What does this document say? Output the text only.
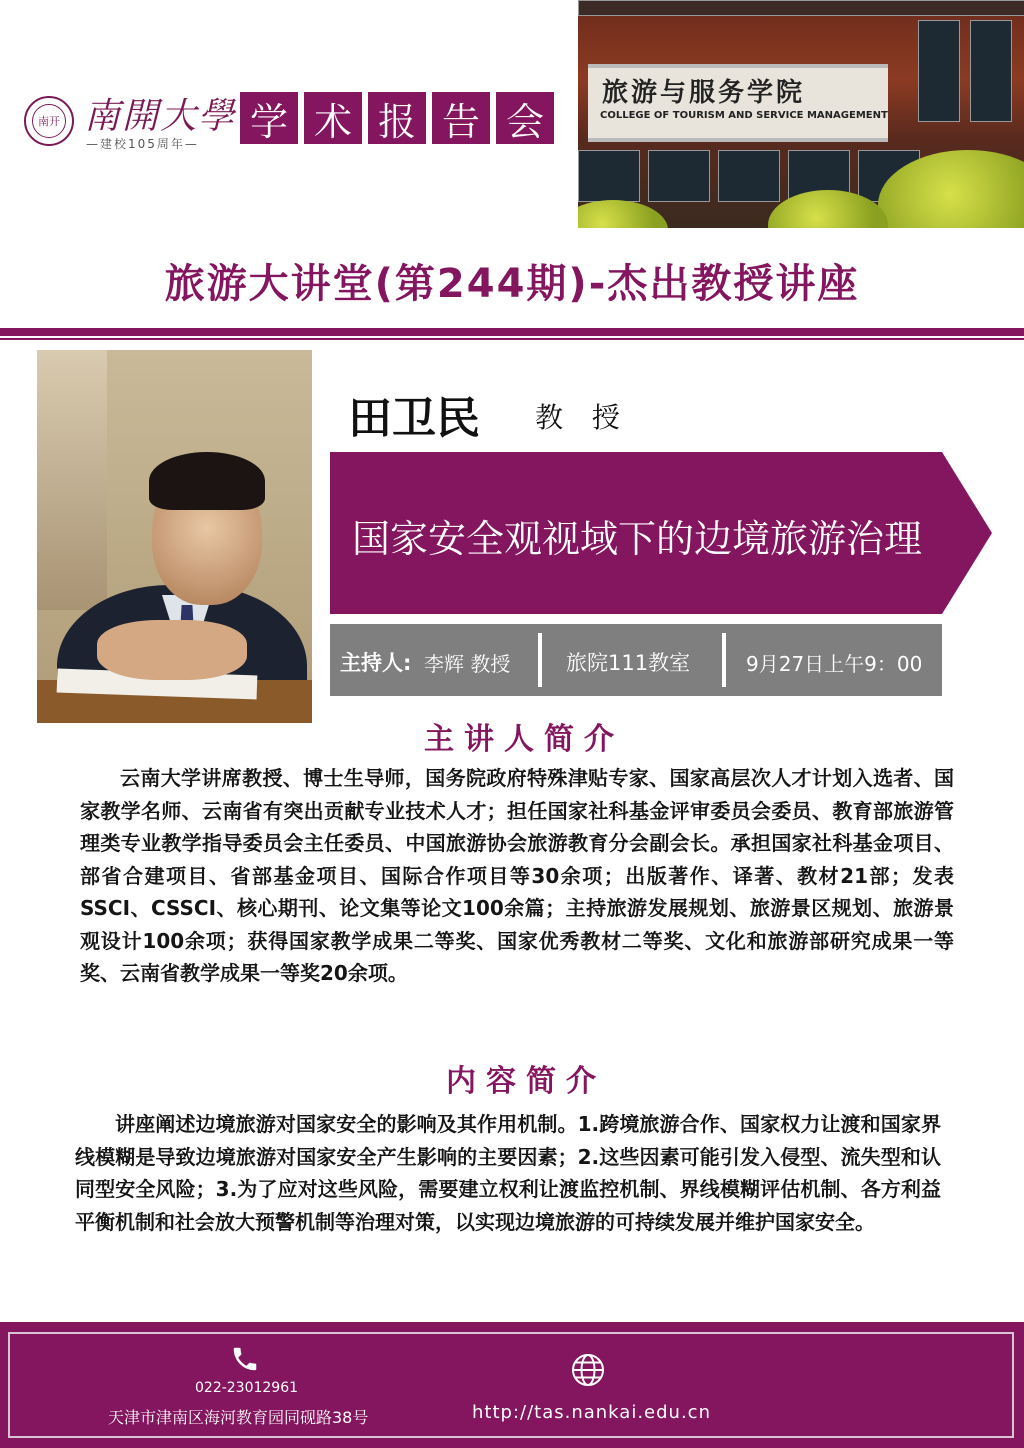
南开 南開大學
—建校105周年—
学 术 报 告 会
旅游与服务学院
COLLEGE OF TOURISM AND SERVICE MANAGEMENT
旅游大讲堂(第244期)-杰出教授讲座
田卫民 教 授
国家安全观视域下的边境旅游治理
主持人: 李辉 教授	旅院111教室	9月27日上午9：00
主讲人简介
云南大学讲席教授、博士生导师，国务院政府特殊津贴专家、国家高层次人才计划入选者、国家教学名师、云南省有突出贡献专业技术人才；担任国家社科基金评审委员会委员、教育部旅游管理类专业教学指导委员会主任委员、中国旅游协会旅游教育分会副会长。承担国家社科基金项目、部省合建项目、省部基金项目、国际合作项目等30余项；出版著作、译著、教材21部；发表SSCI、CSSCI、核心期刊、论文集等论文100余篇；主持旅游发展规划、旅游景区规划、旅游景观设计100余项；获得国家教学成果二等奖、国家优秀教材二等奖、文化和旅游部研究成果一等奖、云南省教学成果一等奖20余项。
内容简介
讲座阐述边境旅游对国家安全的影响及其作用机制。1.跨境旅游合作、国家权力让渡和国家界线模糊是导致边境旅游对国家安全产生影响的主要因素；2.这些因素可能引发入侵型、流失型和认同型安全风险；3.为了应对这些风险，需要建立权利让渡监控机制、界线模糊评估机制、各方利益平衡机制和社会放大预警机制等治理对策，以实现边境旅游的可持续发展并维护国家安全。
022-23012961
天津市津南区海河教育园同砚路38号	http://tas.nankai.edu.cn
